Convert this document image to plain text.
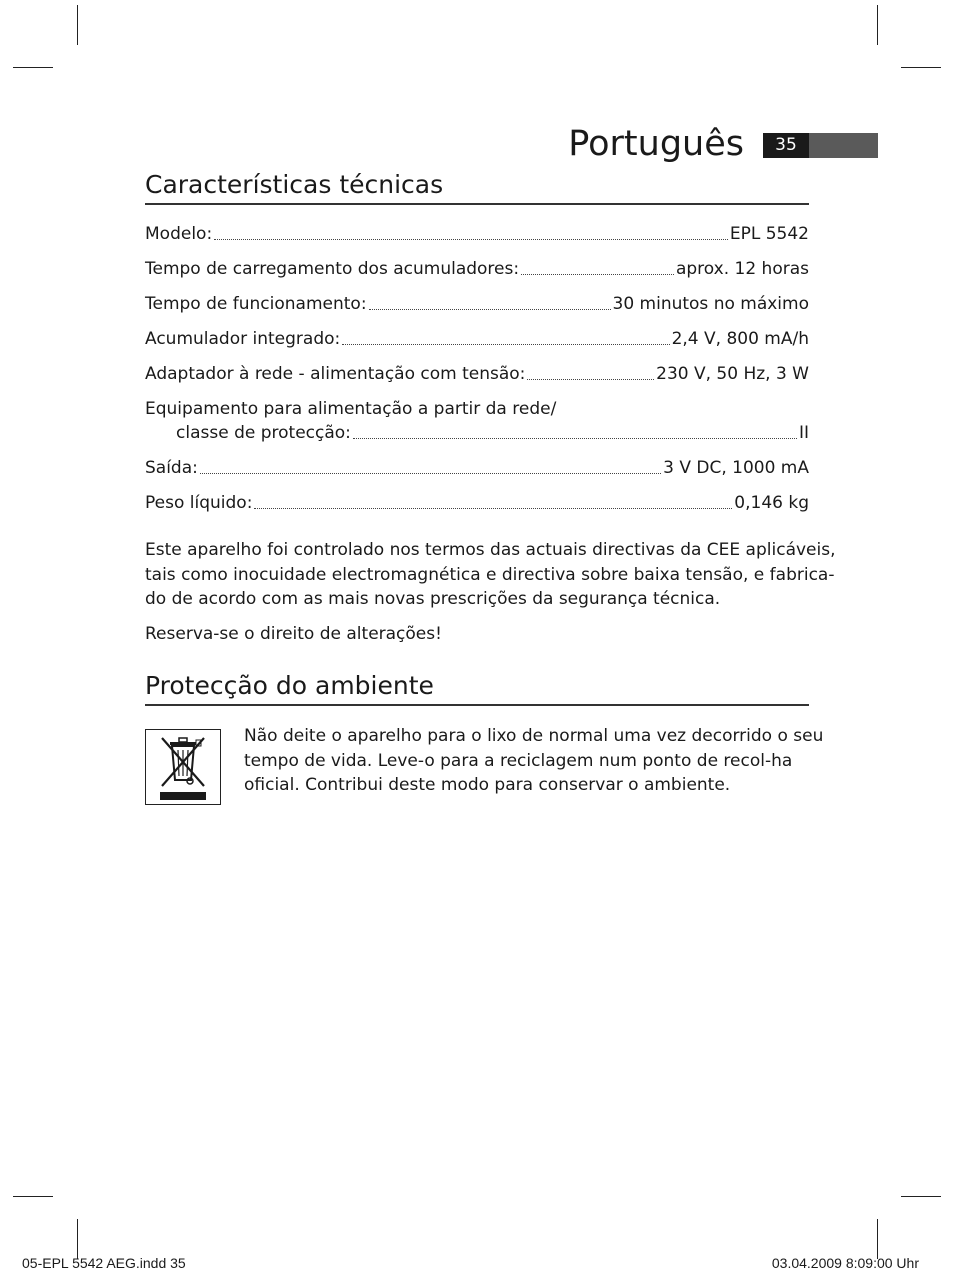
Português	35
Características técnicas
Modelo:	EPL 5542
Tempo de carregamento dos acumuladores:	aprox. 12 horas
Tempo de funcionamento:	30 minutos no máximo
Acumulador integrado:	2,4 V, 800 mA/h
Adaptador à rede - alimentação com tensão:	230 V, 50 Hz, 3 W
Equipamento para alimentação a partir da rede/
classe de protecção:	II
Saída:	3 V DC, 1000 mA
Peso líquido:	0,146 kg

Este aparelho foi controlado nos termos das actuais directivas da CEE aplicáveis,
tais como inocuidade electromagnética e directiva sobre baixa tensão, e fabrica-
do de acordo com as mais novas prescrições da segurança técnica.

Reserva-se o direito de alterações!

Protecção do ambiente

Não deite o aparelho para o lixo de normal uma vez decorrido o seu
tempo de vida. Leve-o para a reciclagem num ponto de recol-ha
oficial. Contribui deste modo para conservar o ambiente.

05-EPL 5542 AEG.indd 35	03.04.2009 8:09:00 Uhr
